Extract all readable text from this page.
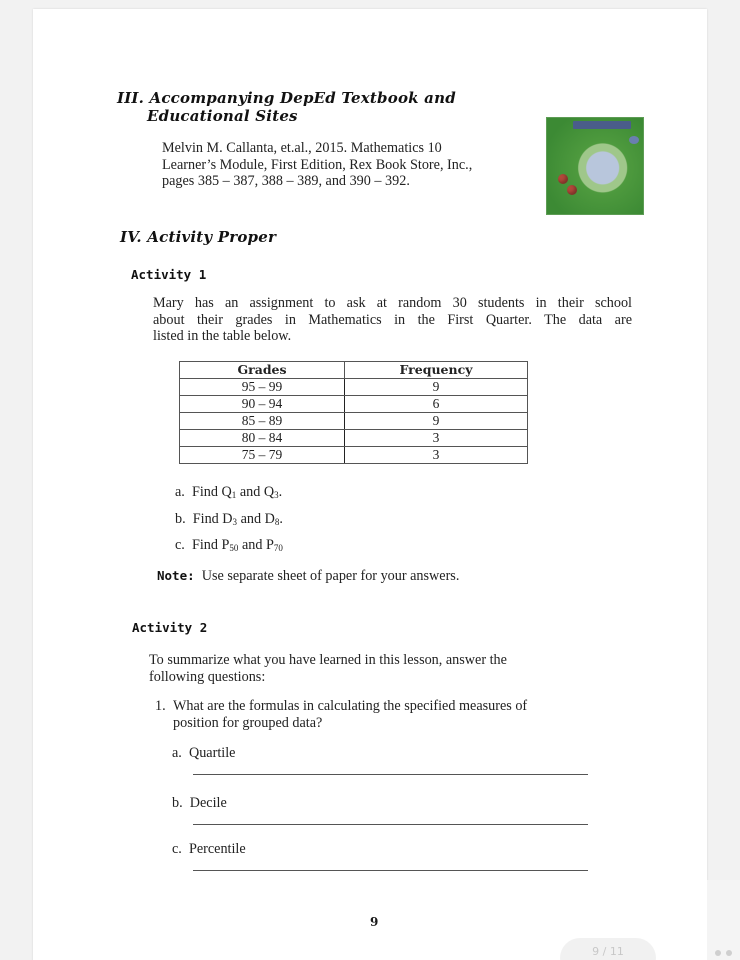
III. Accompanying DepEd Textbook and
Educational Sites
Melvin M. Callanta, et.al., 2015. Mathematics 10
Learner’s Module, First Edition, Rex Book Store, Inc.,
pages 385 – 387, 388 – 389, and 390 – 392.
IV. Activity Proper
Activity 1
Mary has an assignment to ask at random 30 students in their school
about their grades in Mathematics in the First Quarter. The data are
listed in the table below.
Grades	Frequency
95 – 99	9
90 – 94	6
85 – 89	9
80 – 84	3
75 – 79	3
a. Find $Q_1$ and $Q_3$.
b. Find $D_3$ and $D_8$.
c. Find $P_{50}$ and $P_{70}$
Note: Use separate sheet of paper for your answers.
Activity 2
To summarize what you have learned in this lesson, answer the
following questions:
1. What are the formulas in calculating the specified measures of
position for grouped data?
a. Quartile
b. Decile
c. Percentile
9
9 / 11
